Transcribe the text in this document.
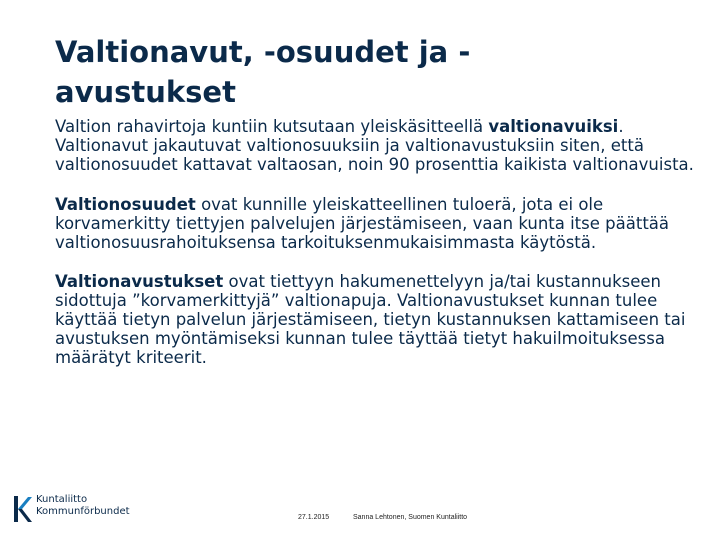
Valtionavut, -osuudet ja - avustukset

Valtion rahavirtoja kuntiin kutsutaan yleiskäsitteellä valtionavuiksi. Valtionavut jakautuvat valtionosuuksiin ja valtionavustuksiin siten, että valtionosuudet kattavat valtaosan, noin 90 prosenttia kaikista valtionavuista.

Valtionosuudet ovat kunnille yleiskatteellinen tuloerä, jota ei ole korvamerkitty tiettyjen palvelujen järjestämiseen, vaan kunta itse päättää valtionosuusrahoituksensa tarkoituksenmukaisimmasta käytöstä.

Valtionavustukset ovat tiettyyn hakumenettelyyn ja/tai kustannukseen sidottuja ”korvamerkittyjä” valtionapuja. Valtionavustukset kunnan tulee käyttää tietyn palvelun järjestämiseen, tietyn kustannuksen kattamiseen tai avustuksen myöntämiseksi kunnan tulee täyttää tietyt hakuilmoituksessa määrätyt kriteerit.

Kuntaliitto
Kommunförbundet
27.1.2015	Sanna Lehtonen, Suomen Kuntaliitto
